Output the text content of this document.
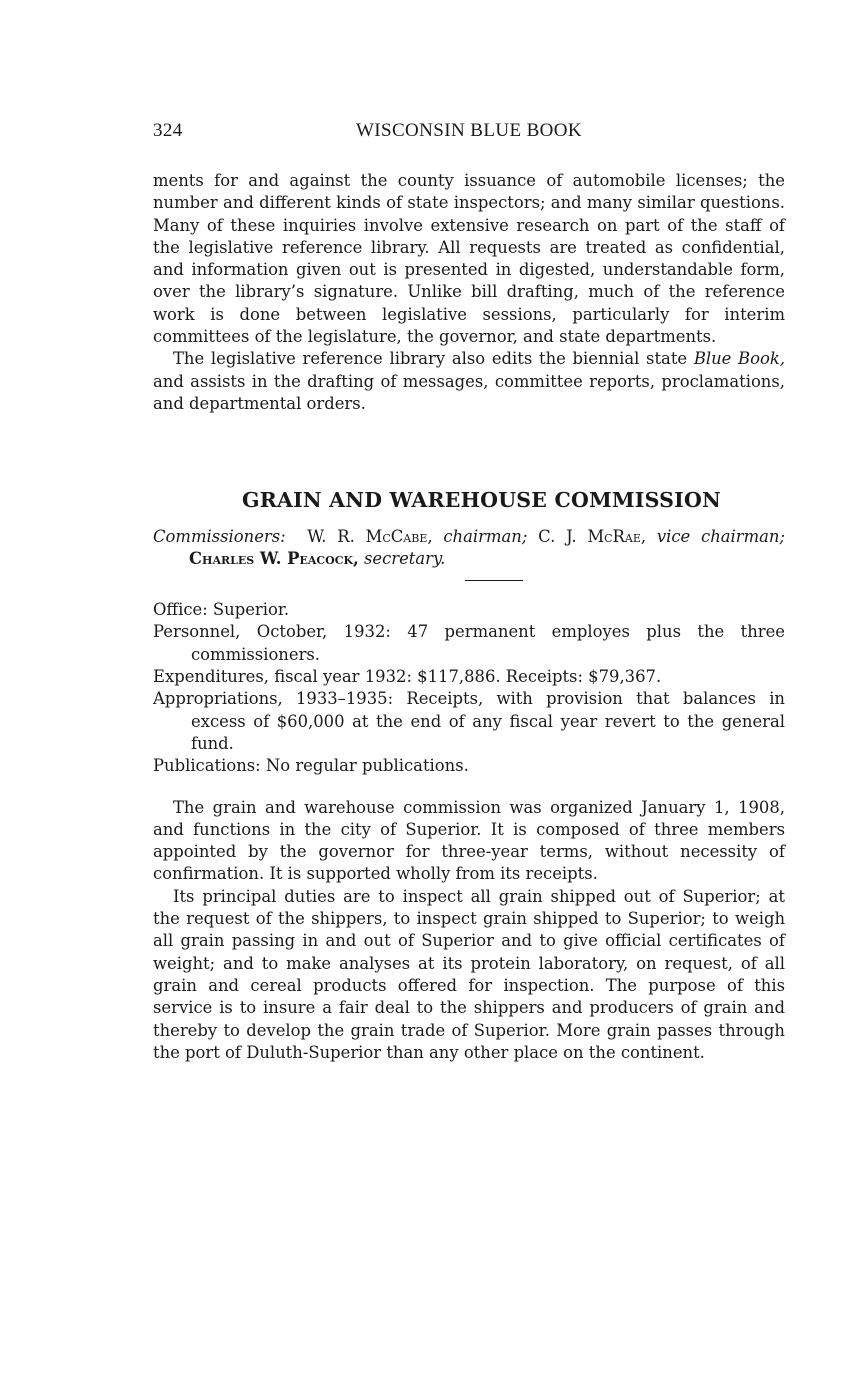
324	WISCONSIN BLUE BOOK

ments for and against the county issuance of automobile licenses; the number and different kinds of state inspectors; and many similar questions. Many of these inquiries involve extensive research on part of the staff of the legislative reference library. All requests are treated as confidential, and information given out is presented in digested, understandable form, over the library’s signature. Unlike bill drafting, much of the reference work is done between legislative sessions, particularly for interim committees of the legislature, the governor, and state departments.

The legislative reference library also edits the biennial state Blue Book, and assists in the drafting of messages, committee reports, proclamations, and departmental orders.

GRAIN AND WAREHOUSE COMMISSION

Commissioners: W. R. McCabe, chairman; C. J. McRae, vice chairman; Charles W. Peacock, secretary.

Office: Superior.
Personnel, October, 1932: 47 permanent employes plus the three commissioners.
Expenditures, fiscal year 1932: $117,886. Receipts: $79,367.
Appropriations, 1933–1935: Receipts, with provision that balances in excess of $60,000 at the end of any fiscal year revert to the general fund.
Publications: No regular publications.

The grain and warehouse commission was organized January 1, 1908, and functions in the city of Superior. It is composed of three members appointed by the governor for three-year terms, without necessity of confirmation. It is supported wholly from its receipts.

Its principal duties are to inspect all grain shipped out of Superior; at the request of the shippers, to inspect grain shipped to Superior; to weigh all grain passing in and out of Superior and to give official certificates of weight; and to make analyses at its protein laboratory, on request, of all grain and cereal products offered for inspection. The purpose of this service is to insure a fair deal to the shippers and producers of grain and thereby to develop the grain trade of Superior. More grain passes through the port of Duluth-Superior than any other place on the continent.
